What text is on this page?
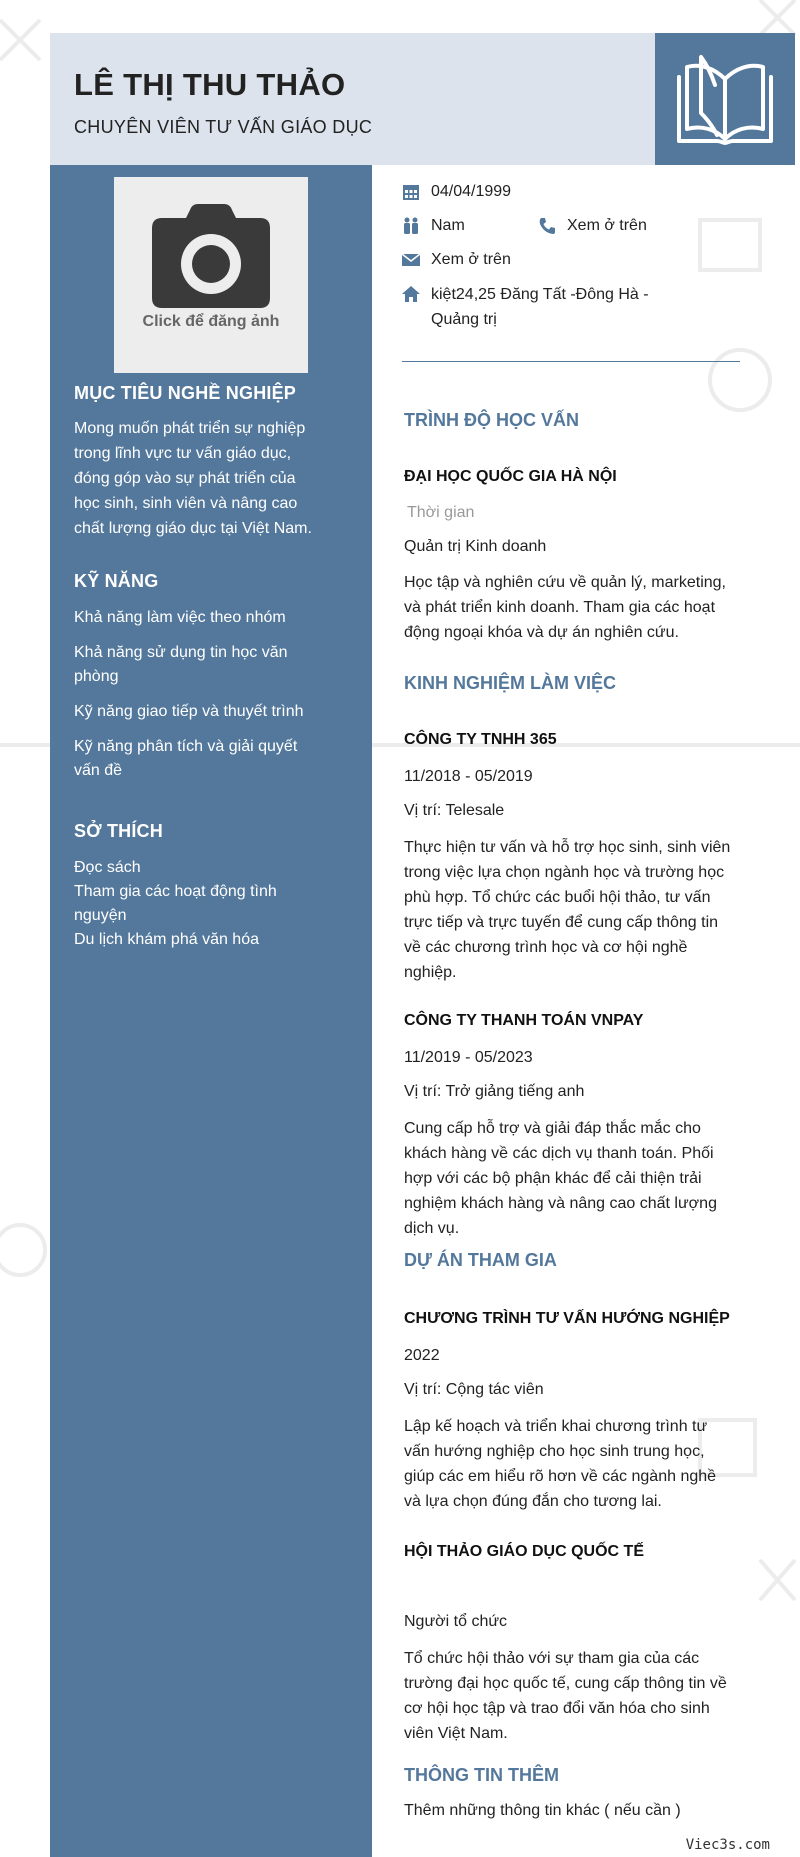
LÊ THỊ THU THẢO
CHUYÊN VIÊN TƯ VẤN GIÁO DỤC
Click để đăng ảnh
MỤC TIÊU NGHỀ NGHIỆP

Mong muốn phát triển sự nghiệp
trong lĩnh vực tư vấn giáo dục,
đóng góp vào sự phát triển của
học sinh, sinh viên và nâng cao
chất lượng giáo dục tại Việt Nam.

KỸ NĂNG
Khả năng làm việc theo nhóm
Khả năng sử dụng tin học văn
phòng
Kỹ năng giao tiếp và thuyết trình
Kỹ năng phân tích và giải quyết
vấn đề
SỞ THÍCH
Đọc sách
Tham gia các hoạt động tình
nguyện
Du lịch khám phá văn hóa
04/04/1999
Nam	Xem ở trên
Xem ở trên
kiệt24,25 Đăng Tất -Đông Hà -
Quảng trị
TRÌNH ĐỘ HỌC VẤN
ĐẠI HỌC QUỐC GIA HÀ NỘI
Thời gian
Quản trị Kinh doanh
Học tập và nghiên cứu về quản lý, marketing,
và phát triển kinh doanh. Tham gia các hoạt
động ngoại khóa và dự án nghiên cứu.
KINH NGHIỆM LÀM VIỆC
CÔNG TY TNHH 365
11/2018 - 05/2019
Vị trí: Telesale
Thực hiện tư vấn và hỗ trợ học sinh, sinh viên
trong việc lựa chọn ngành học và trường học
phù hợp. Tổ chức các buổi hội thảo, tư vấn
trực tiếp và trực tuyến để cung cấp thông tin
về các chương trình học và cơ hội nghề
nghiệp.
CÔNG TY THANH TOÁN VNPAY
11/2019 - 05/2023
Vị trí: Trở giảng tiếng anh
Cung cấp hỗ trợ và giải đáp thắc mắc cho
khách hàng về các dịch vụ thanh toán. Phối
hợp với các bộ phận khác để cải thiện trải
nghiệm khách hàng và nâng cao chất lượng
dịch vụ.
DỰ ÁN THAM GIA
CHƯƠNG TRÌNH TƯ VẤN HƯỚNG NGHIỆP
2022
Vị trí: Cộng tác viên
Lập kế hoạch và triển khai chương trình tư
vấn hướng nghiệp cho học sinh trung học,
giúp các em hiểu rõ hơn về các ngành nghề
và lựa chọn đúng đắn cho tương lai.
HỘI THẢO GIÁO DỤC QUỐC TẾ
Người tổ chức
Tổ chức hội thảo với sự tham gia của các
trường đại học quốc tế, cung cấp thông tin về
cơ hội học tập và trao đổi văn hóa cho sinh
viên Việt Nam.
THÔNG TIN THÊM
Thêm những thông tin khác ( nếu cần )
Viec3s.com
